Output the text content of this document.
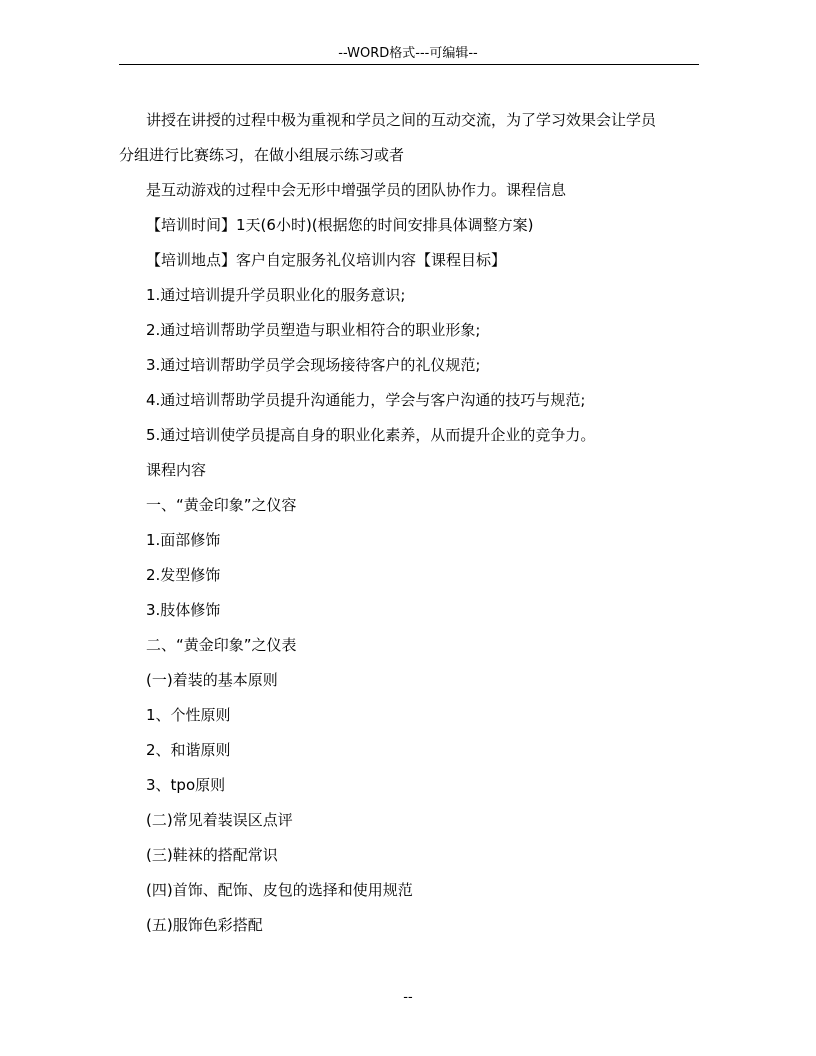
--WORD格式---可编辑--

讲授在讲授的过程中极为重视和学员之间的互动交流，为了学习效果会让学员

分组进行比赛练习，在做小组展示练习或者

是互动游戏的过程中会无形中增强学员的团队协作力。课程信息

【培训时间】1天(6小时)(根据您的时间安排具体调整方案)

【培训地点】客户自定服务礼仪培训内容【课程目标】

1.通过培训提升学员职业化的服务意识;

2.通过培训帮助学员塑造与职业相符合的职业形象;

3.通过培训帮助学员学会现场接待客户的礼仪规范;

4.通过培训帮助学员提升沟通能力，学会与客户沟通的技巧与规范;

5.通过培训使学员提高自身的职业化素养，从而提升企业的竞争力。

课程内容

一、“黄金印象”之仪容

1.面部修饰

2.发型修饰

3.肢体修饰

二、“黄金印象”之仪表

(一)着装的基本原则

1、个性原则

2、和谐原则

3、tpo原则

(二)常见着装误区点评

(三)鞋袜的搭配常识

(四)首饰、配饰、皮包的选择和使用规范

(五)服饰色彩搭配

--
